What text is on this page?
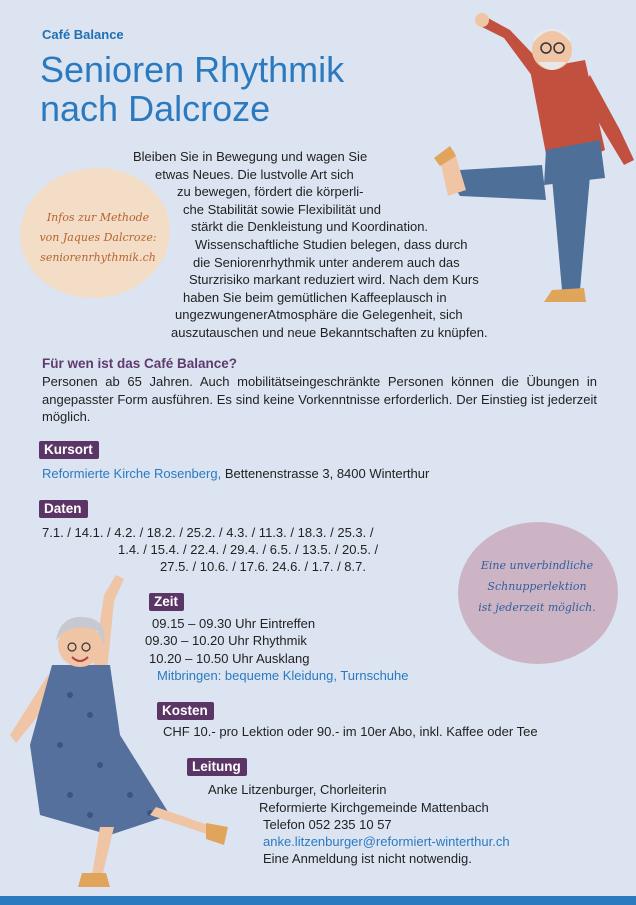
Café Balance
Senioren Rhythmik
nach Dalcroze
Bleiben Sie in Bewegung und wagen Sie
etwas Neues. Die lustvolle Art sich
zu bewegen, fördert die körperli-
che Stabilität sowie Flexibilität und
stärkt die Denkleistung und Koordination.
Wissenschaftliche Studien belegen, dass durch
die Seniorenrhythmik unter anderem auch das
Sturzrisiko markant reduziert wird. Nach dem Kurs
haben Sie beim gemütlichen Kaffeeplausch in
ungezwungenerAtmosphäre die Gelegenheit, sich
auszutauschen und neue Bekanntschaften zu knüpfen.
Infos zur Methode
von Jaques Dalcroze:
seniorenrhythmik.ch
Für wen ist das Café Balance?
Personen ab 65 Jahren. Auch mobilitätseingeschränkte Personen können die Übungen in angepasster Form ausführen. Es sind keine Vorkenntnisse erforderlich. Der Einstieg ist jederzeit möglich.
Kursort
Reformierte Kirche Rosenberg, Bettenenstrasse 3, 8400 Winterthur
Daten
7.1. / 14.1. / 4.2. / 18.2. / 25.2. / 4.3. / 11.3. / 18.3. / 25.3. /
1.4. / 15.4. / 22.4. / 29.4. / 6.5. / 13.5. / 20.5. /
27.5. / 10.6. / 17.6. 24.6. / 1.7. / 8.7.	Eine unverbindliche
Schnupperlektion
ist jederzeit möglich.
Zeit
09.15 – 09.30 Uhr Eintreffen
09.30 – 10.20 Uhr Rhythmik
10.20 – 10.50 Uhr Ausklang
Mitbringen: bequeme Kleidung, Turnschuhe
Kosten
CHF 10.- pro Lektion oder 90.- im 10er Abo, inkl. Kaffee oder Tee
Leitung
Anke Litzenburger, Chorleiterin
Reformierte Kirchgemeinde Mattenbach
Telefon 052 235 10 57
anke.litzenburger@reformiert-winterthur.ch
Eine Anmeldung ist nicht notwendig.
